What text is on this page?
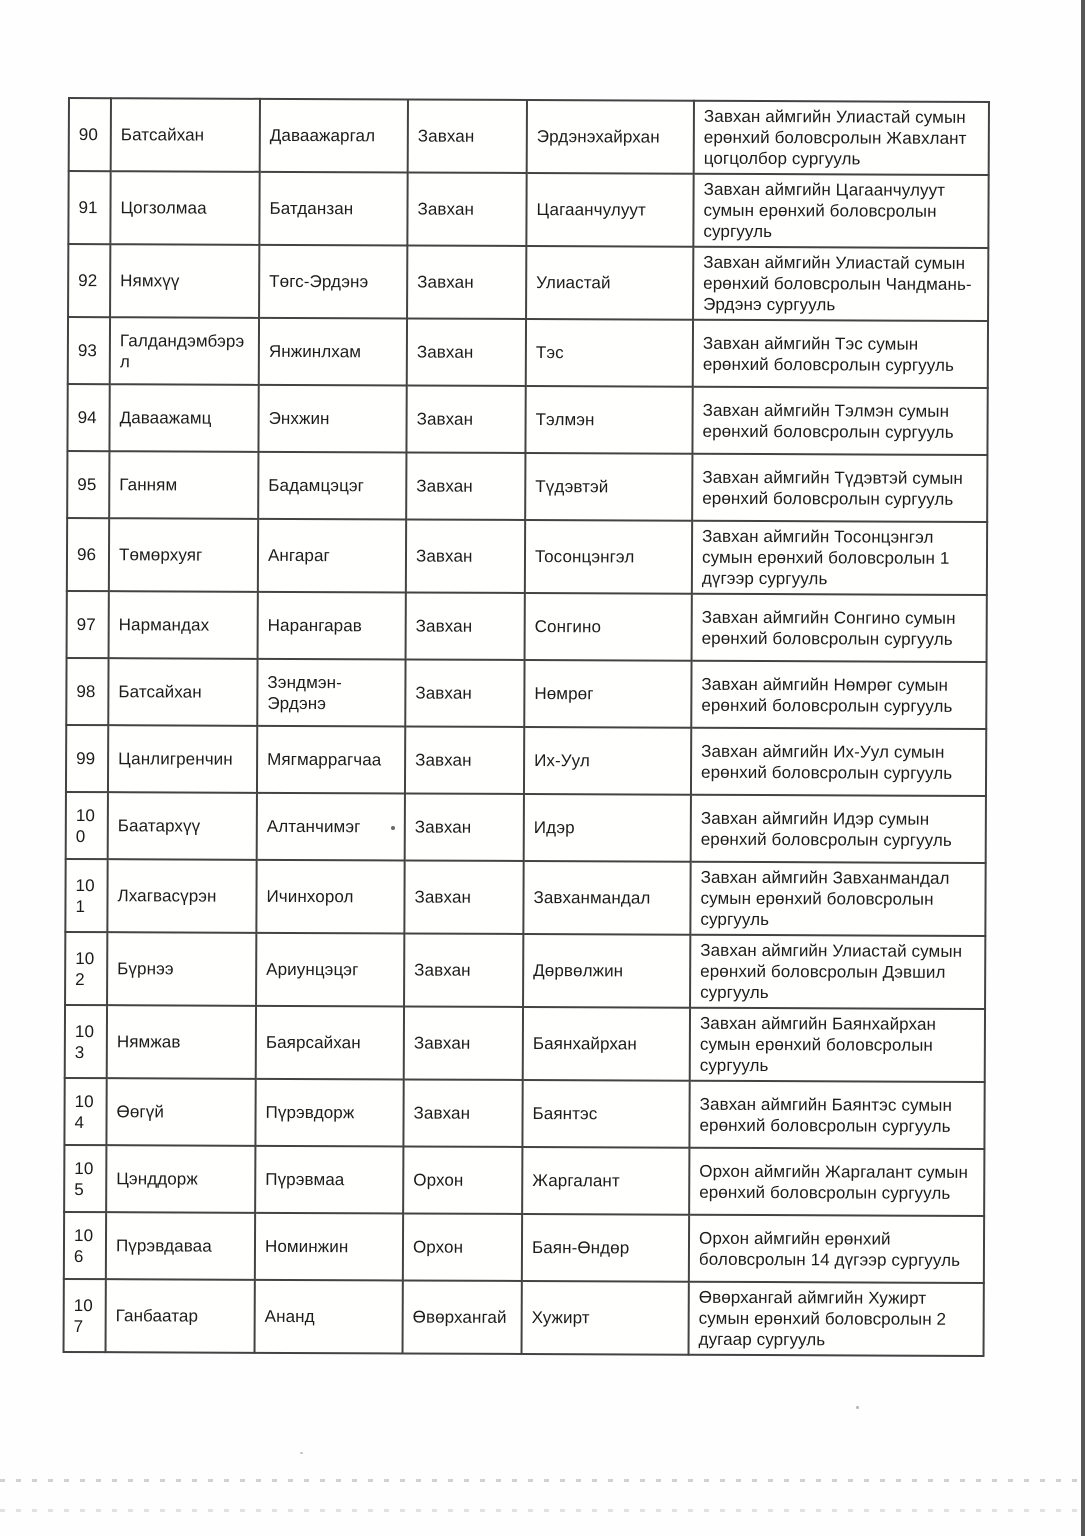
90	Батсайхан	Даваажаргал	Завхан	Эрдэнэхайрхан	Завхан аймгийн Улиастай сумын ерөнхий боловсролын Жавхлант цогцолбор сургууль
91	Цогзолмаа	Батданзан	Завхан	Цагаанчулуут	Завхан аймгийн Цагаанчулуут сумын ерөнхий боловсролын сургууль
92	Нямхүү	Төгс-Эрдэнэ	Завхан	Улиастай	Завхан аймгийн Улиастай сумын ерөнхий боловсролын Чандмань-Эрдэнэ сургууль
93	Галдандэмбэрэл	Янжинлхам	Завхан	Тэс	Завхан аймгийн Тэс сумын ерөнхий боловсролын сургууль
94	Даваажамц	Энхжин	Завхан	Тэлмэн	Завхан аймгийн Тэлмэн сумын ерөнхий боловсролын сургууль
95	Ганням	Бадамцэцэг	Завхан	Түдэвтэй	Завхан аймгийн Түдэвтэй сумын ерөнхий боловсролын сургууль
96	Төмөрхуяг	Ангараг	Завхан	Тосонцэнгэл	Завхан аймгийн Тосонцэнгэл сумын ерөнхий боловсролын 1 дүгээр сургууль
97	Нармандах	Нарангарав	Завхан	Сонгино	Завхан аймгийн Сонгино сумын ерөнхий боловсролын сургууль
98	Батсайхан	Зэндмэн-Эрдэнэ	Завхан	Нөмрөг	Завхан аймгийн Нөмрөг сумын ерөнхий боловсролын сургууль
99	Цанлигренчин	Мягмаррагчаа	Завхан	Их-Уул	Завхан аймгийн Их-Уул сумын ерөнхий боловсролын сургууль
100	Баатархүү	Алтанчимэг	Завхан	Идэр	Завхан аймгийн Идэр сумын ерөнхий боловсролын сургууль
101	Лхагвасүрэн	Ичинхорол	Завхан	Завханмандал	Завхан аймгийн Завханмандал сумын ерөнхий боловсролын сургууль
102	Бүрнээ	Ариунцэцэг	Завхан	Дөрвөлжин	Завхан аймгийн Улиастай сумын ерөнхий боловсролын Дэвшил сургууль
103	Нямжав	Баярсайхан	Завхан	Баянхайрхан	Завхан аймгийн Баянхайрхан сумын ерөнхий боловсролын сургууль
104	Өөгүй	Пүрэвдорж	Завхан	Баянтэс	Завхан аймгийн Баянтэс сумын ерөнхий боловсролын сургууль
105	Цэнддорж	Пүрэвмаа	Орхон	Жаргалант	Орхон аймгийн Жаргалант сумын ерөнхий боловсролын сургууль
106	Пүрэвдаваа	Номинжин	Орхон	Баян-Өндөр	Орхон аймгийн ерөнхий боловсролын 14 дүгээр сургууль
107	Ганбаатар	Ананд	Өвөрхангай	Хужирт	Өвөрхангай аймгийн Хужирт сумын ерөнхий боловсролын 2 дугаар сургууль
